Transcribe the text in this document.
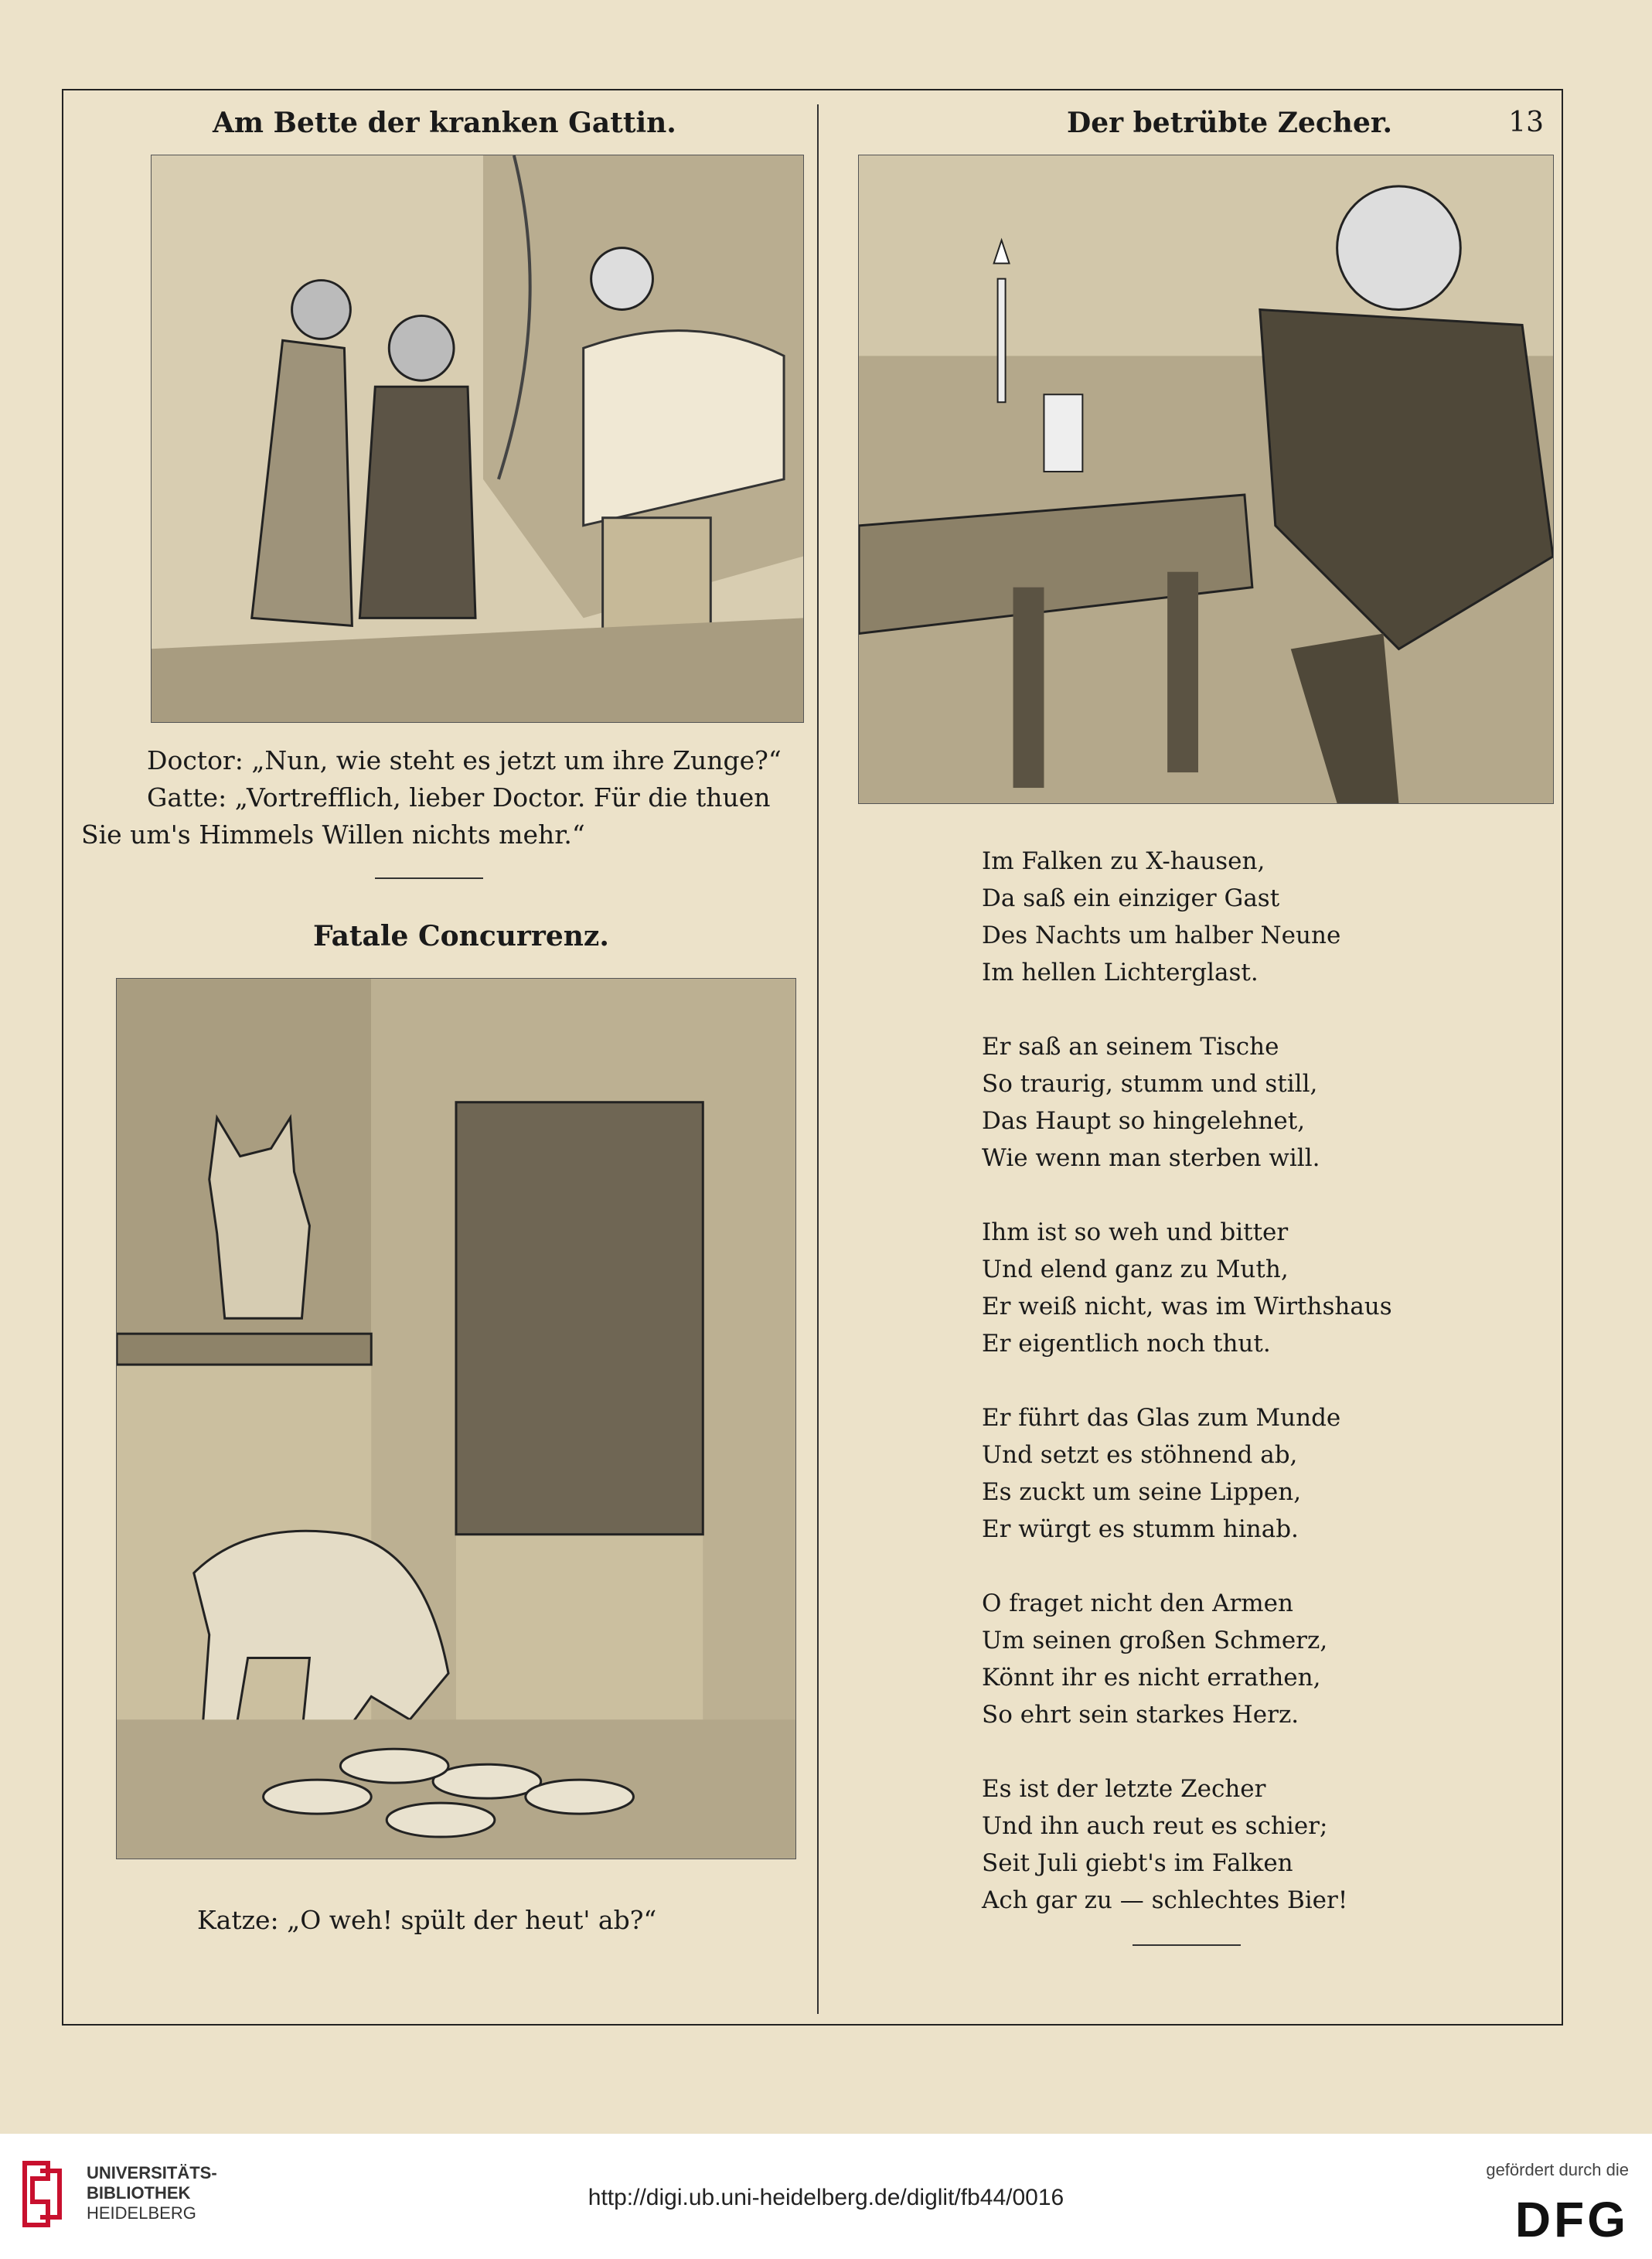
Am Bette der kranken Gattin.
Doctor: „Nun, wie steht es jetzt um ihre Zunge?“
Gatte: „Vortrefflich, lieber Doctor. Für die thuen
Sie um's Himmels Willen nichts mehr.“
Fatale Concurrenz.
Katze: „O weh! spült der heut' ab?“
Der betrübte Zecher.	13
Im Falken zu X-hausen,
Da saß ein einziger Gast
Des Nachts um halber Neune
Im hellen Lichterglast.
Er saß an seinem Tische
So traurig, stumm und still,
Das Haupt so hingelehnet,
Wie wenn man sterben will.
Ihm ist so weh und bitter
Und elend ganz zu Muth,
Er weiß nicht, was im Wirthshaus
Er eigentlich noch thut.
Er führt das Glas zum Munde
Und setzt es stöhnend ab,
Es zuckt um seine Lippen,
Er würgt es stumm hinab.
O fraget nicht den Armen
Um seinen großen Schmerz,
Könnt ihr es nicht errathen,
So ehrt sein starkes Herz.
Es ist der letzte Zecher
Und ihn auch reut es schier;
Seit Juli giebt's im Falken
Ach gar zu — schlechtes Bier!
UNIVERSITÄTS-
BIBLIOTHEK
HEIDELBERG
http://digi.ub.uni-heidelberg.de/diglit/fb44/0016
gefördert durch die
DFG
